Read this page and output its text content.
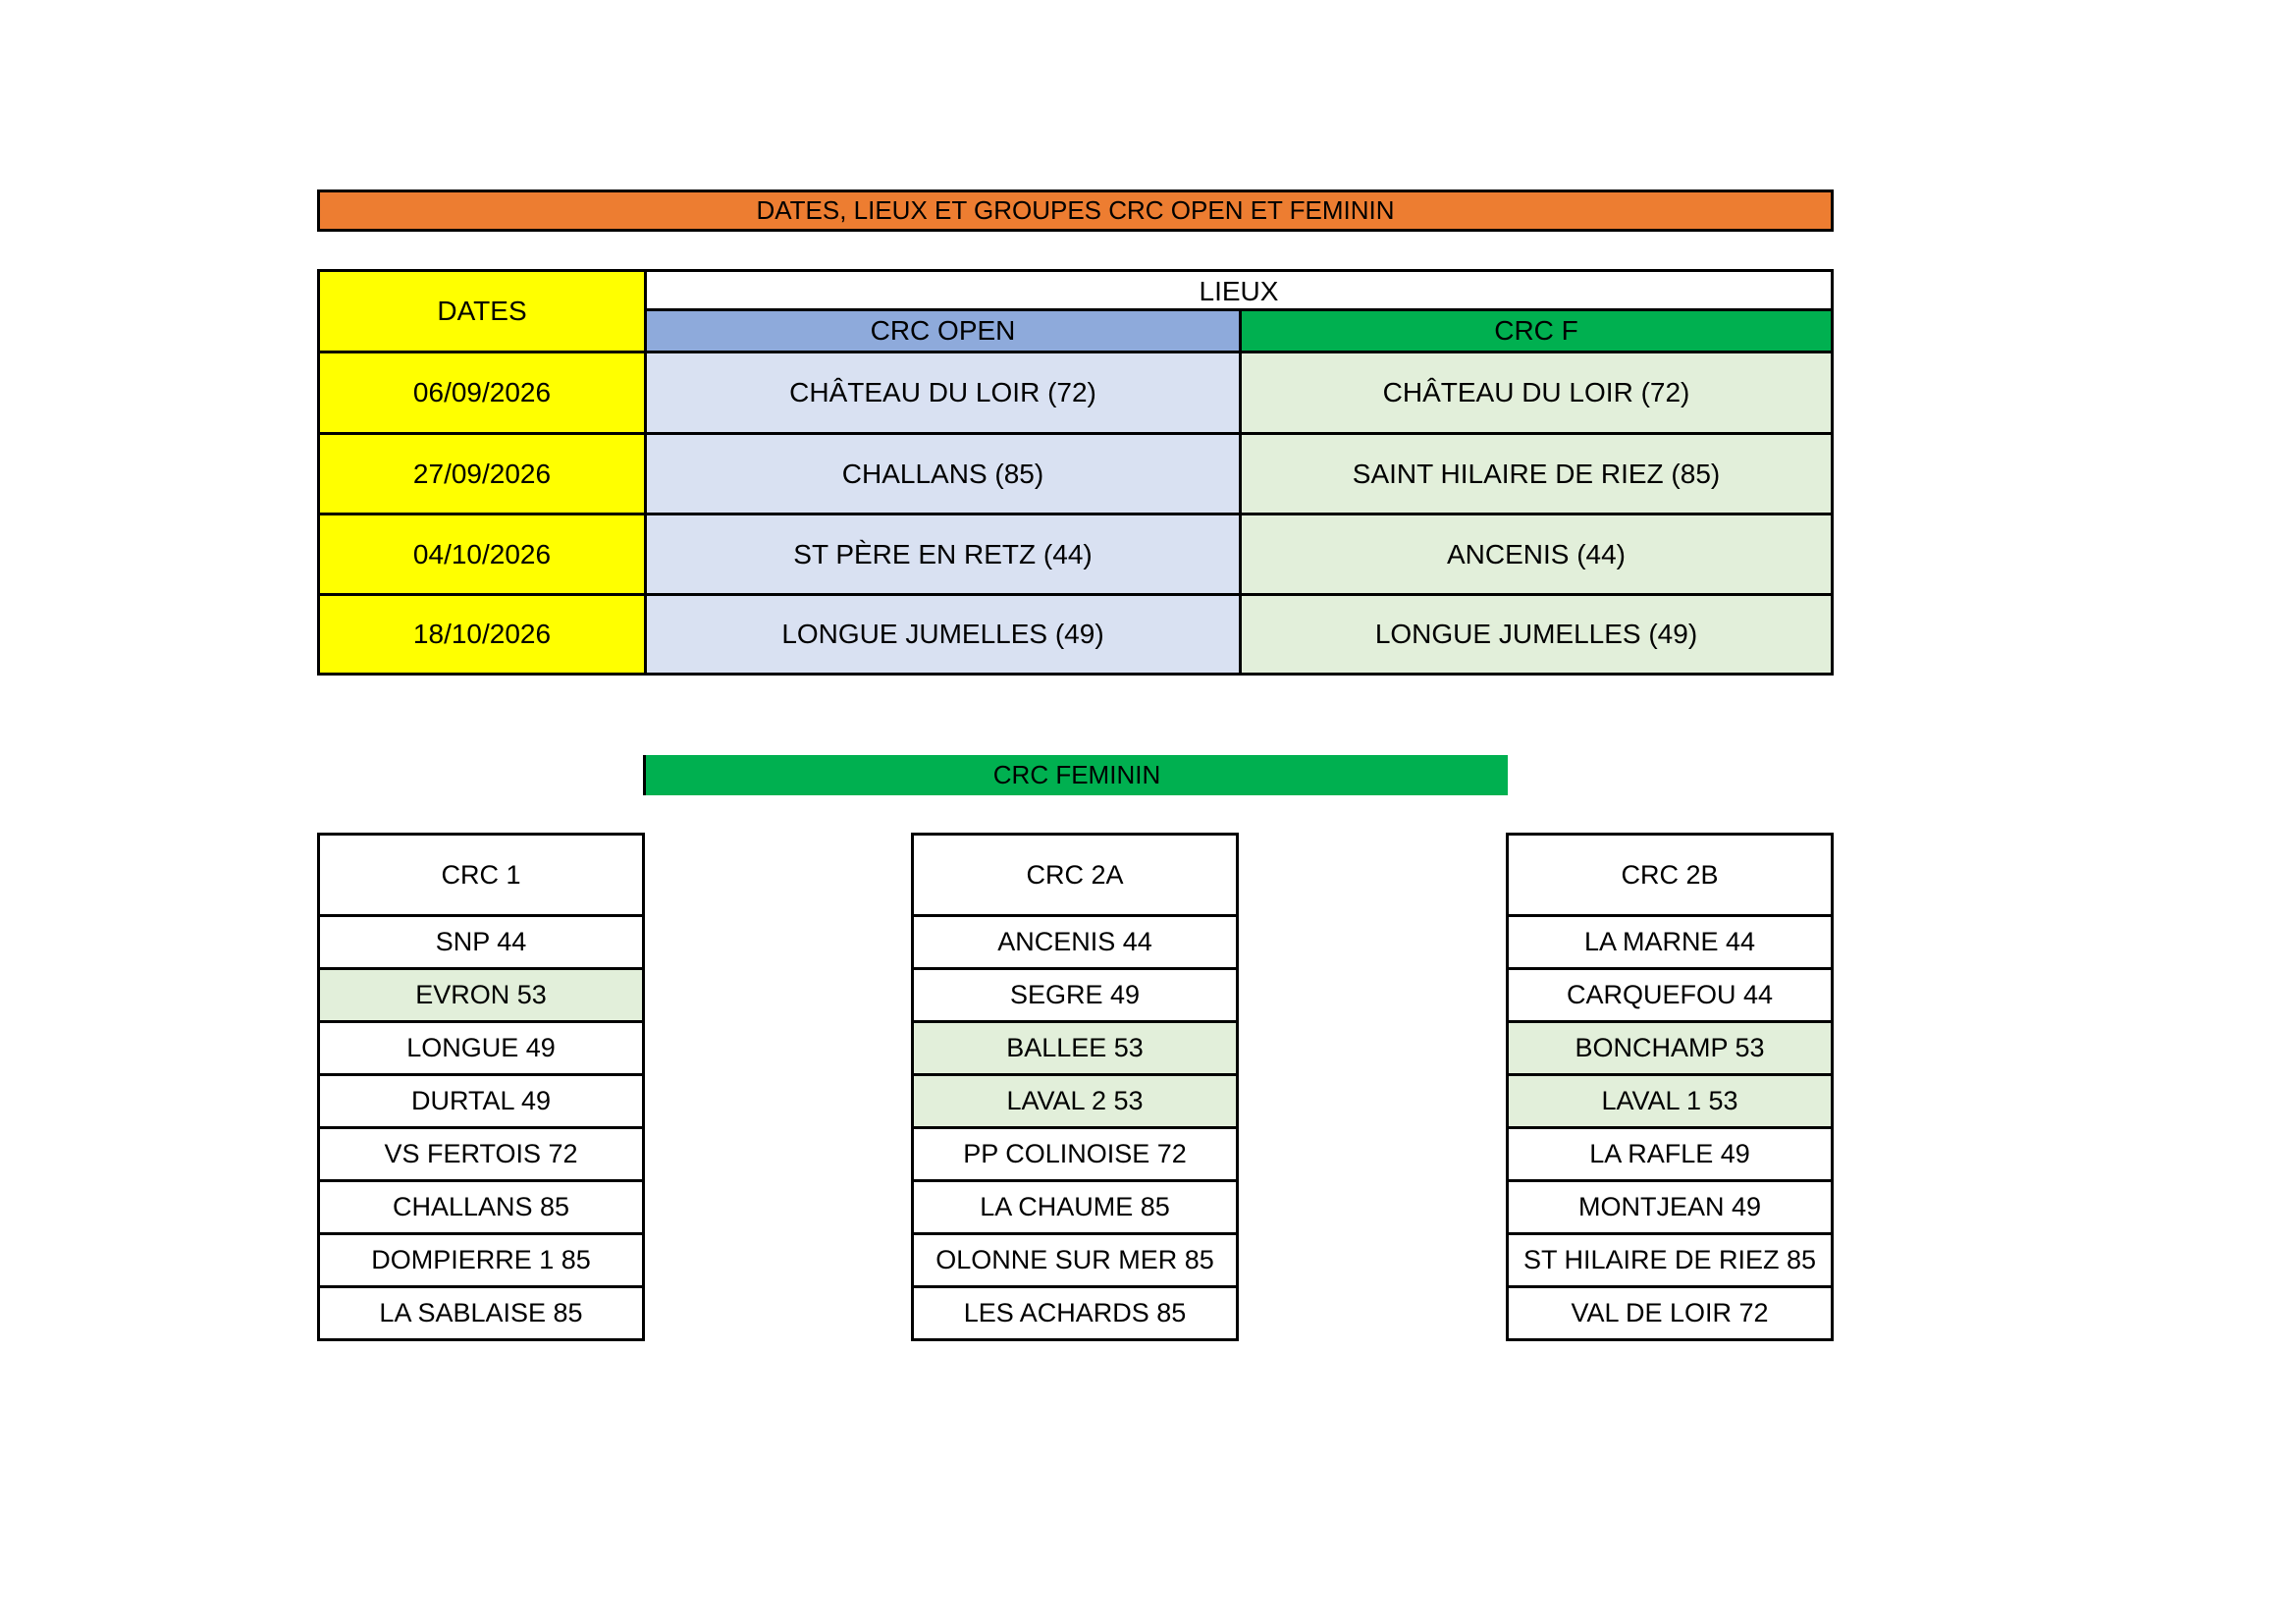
DATES, LIEUX ET GROUPES CRC OPEN ET FEMININ
DATES
LIEUX
CRC OPEN	CRC F
06/09/2026	CHÂTEAU DU LOIR (72)	CHÂTEAU DU LOIR (72)
27/09/2026	CHALLANS (85)	SAINT HILAIRE DE RIEZ (85)
04/10/2026	ST PÈRE EN RETZ (44)	ANCENIS (44)
18/10/2026	LONGUE JUMELLES (49)	LONGUE JUMELLES (49)
CRC FEMININ
CRC 1
SNP 44
EVRON 53
LONGUE 49
DURTAL 49
VS FERTOIS 72
CHALLANS 85
DOMPIERRE 1 85
LA SABLAISE 85
CRC 2A
ANCENIS 44
SEGRE 49
BALLEE 53
LAVAL 2 53
PP COLINOISE 72
LA CHAUME 85
OLONNE SUR MER 85
LES ACHARDS 85
CRC 2B
LA MARNE 44
CARQUEFOU 44
BONCHAMP 53
LAVAL 1 53
LA RAFLE 49
MONTJEAN 49
ST HILAIRE DE RIEZ 85
VAL DE LOIR 72
